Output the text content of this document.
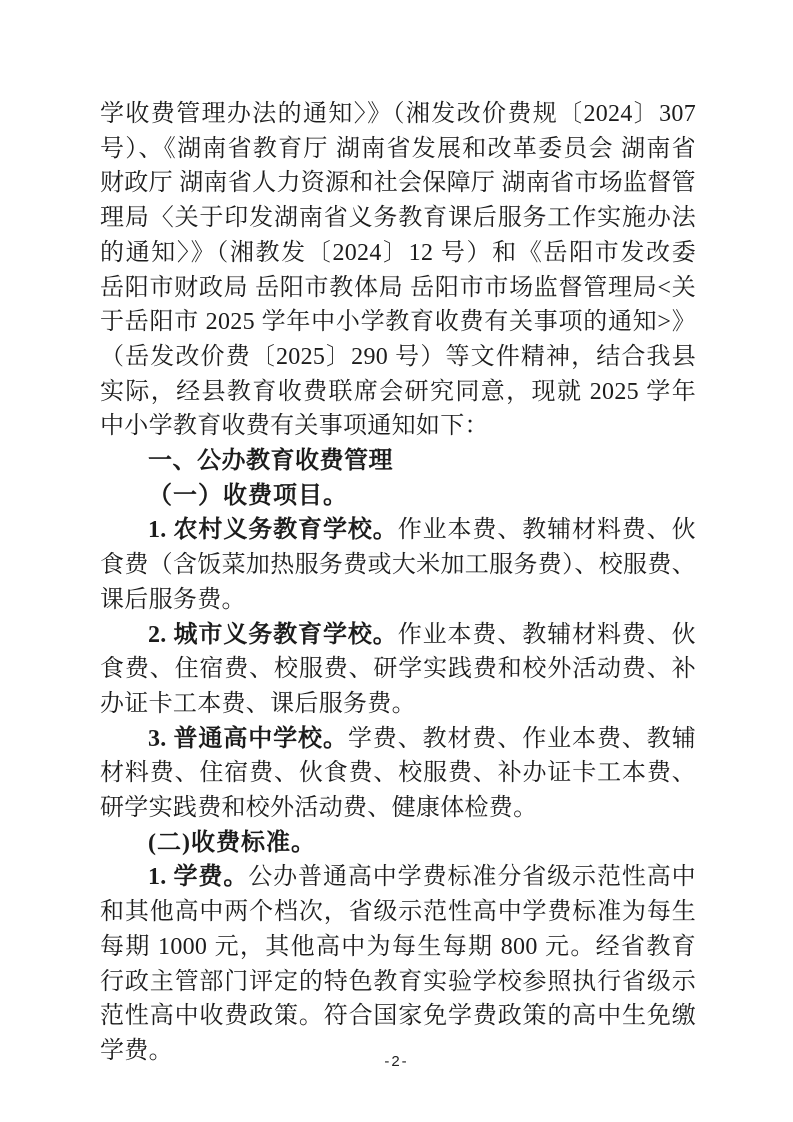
学收费管理办法的通知〉》（湘发改价费规〔2024〕307 号）、《湖南省教育厅 湖南省发展和改革委员会 湖南省财政厅 湖南省人力资源和社会保障厅 湖南省市场监督管理局〈关于印发湖南省义务教育课后服务工作实施办法的通知〉》（湘教发〔2024〕12 号）和《岳阳市发改委 岳阳市财政局 岳阳市教体局 岳阳市市场监督管理局<关于岳阳市 2025 学年中小学教育收费有关事项的通知>》（岳发改价费〔2025〕290 号）等文件精神，结合我县实际，经县教育收费联席会研究同意，现就 2025 学年中小学教育收费有关事项通知如下：

一、公办教育收费管理

（一）收费项目。

1. 农村义务教育学校。作业本费、教辅材料费、伙食费（含饭菜加热服务费或大米加工服务费）、校服费、课后服务费。

2. 城市义务教育学校。作业本费、教辅材料费、伙食费、住宿费、校服费、研学实践费和校外活动费、补办证卡工本费、课后服务费。

3. 普通高中学校。学费、教材费、作业本费、教辅材料费、住宿费、伙食费、校服费、补办证卡工本费、研学实践费和校外活动费、健康体检费。

(二)收费标准。

1. 学费。公办普通高中学费标准分省级示范性高中和其他高中两个档次，省级示范性高中学费标准为每生每期 1000 元，其他高中为每生每期 800 元。经省教育行政主管部门评定的特色教育实验学校参照执行省级示范性高中收费政策。符合国家免学费政策的高中生免缴学费。	-2-
